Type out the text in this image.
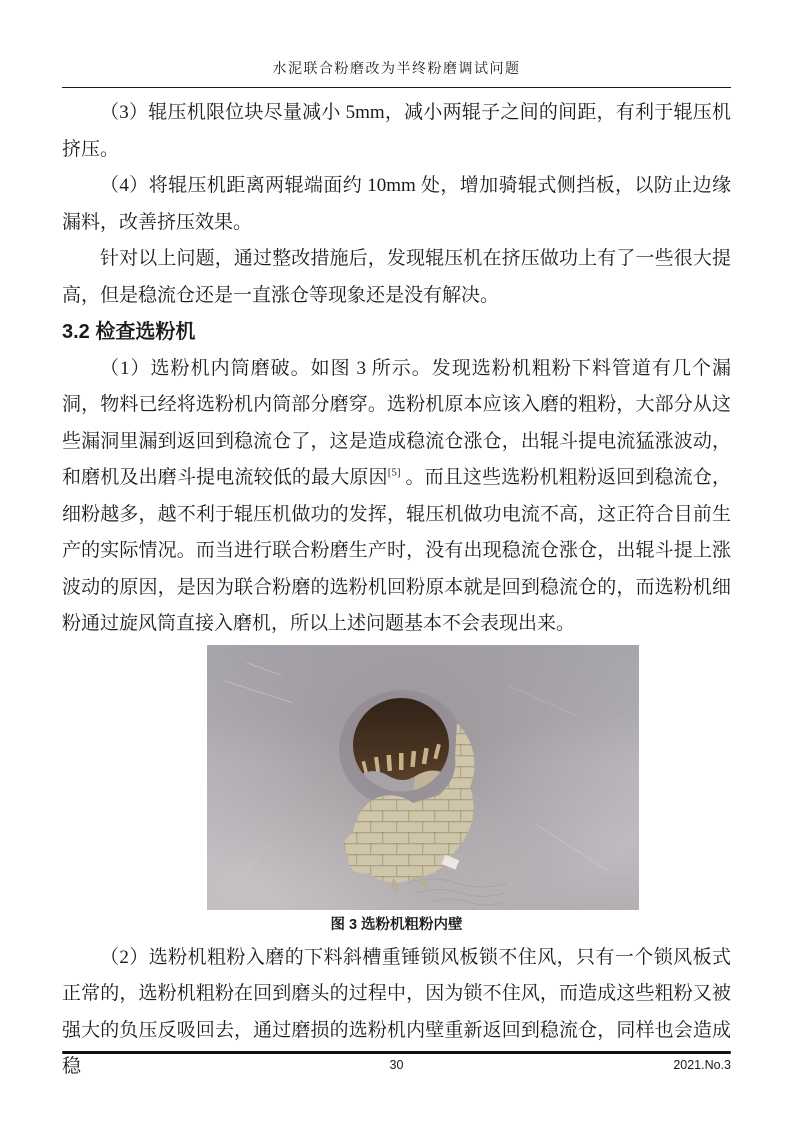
水泥联合粉磨改为半终粉磨调试问题

（3）辊压机限位块尽量减小 5mm，减小两辊子之间的间距，有利于辊压机挤压。

（4）将辊压机距离两辊端面约 10mm 处，增加骑辊式侧挡板，以防止边缘漏料，改善挤压效果。

针对以上问题，通过整改措施后，发现辊压机在挤压做功上有了一些很大提高，但是稳流仓还是一直涨仓等现象还是没有解决。

3.2 检查选粉机

（1）选粉机内筒磨破。如图 3 所示。发现选粉机粗粉下料管道有几个漏洞，物料已经将选粉机内筒部分磨穿。选粉机原本应该入磨的粗粉，大部分从这些漏洞里漏到返回到稳流仓了，这是造成稳流仓涨仓，出辊斗提电流猛涨波动，和磨机及出磨斗提电流较低的最大原因[5] 。而且这些选粉机粗粉返回到稳流仓，细粉越多，越不利于辊压机做功的发挥，辊压机做功电流不高，这正符合目前生产的实际情况。而当进行联合粉磨生产时，没有出现稳流仓涨仓，出辊斗提上涨波动的原因，是因为联合粉磨的选粉机回粉原本就是回到稳流仓的，而选粉机细粉通过旋风筒直接入磨机，所以上述问题基本不会表现出来。

图 3 选粉机粗粉内壁

（2）选粉机粗粉入磨的下料斜槽重锤锁风板锁不住风，只有一个锁风板式正常的，选粉机粗粉在回到磨头的过程中，因为锁不住风，而造成这些粗粉又被强大的负压反吸回去，通过磨损的选粉机内壁重新返回到稳流仓，同样也会造成稳	30	2021.No.3
